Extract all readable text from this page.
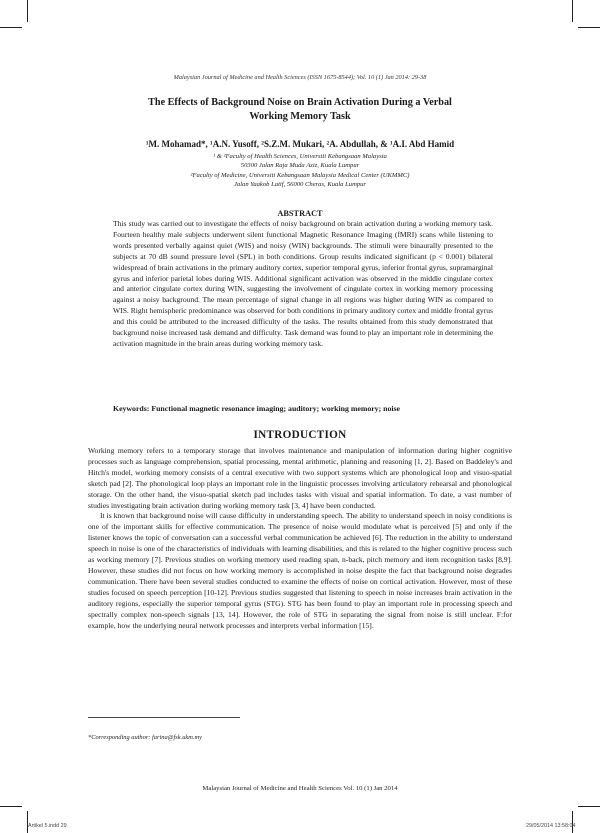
Malaysian Journal of Medicine and Health Sciences (ISSN 1675-8544); Vol. 10 (1) Jan 2014: 29-38
The Effects of Background Noise on Brain Activation During a Verbal
Working Memory Task
¹M. Mohamad*, ¹A.N. Yusoff, ²S.Z.M. Mukari, ²A. Abdullah, & ¹A.I. Abd Hamid
¹ & ²Faculty of Health Sciences, Universiti Kebangsaan Malaysia
50300 Jalan Raja Muda Aziz, Kuala Lumpur
²Faculty of Medicine, Universiti Kebangsaan Malaysia Medical Center (UKMMC)
Jalan Yaakob Latif, 56000 Cheras, Kuala Lumpur
ABSTRACT

This study was carried out to investigate the effects of noisy background on brain activation during a working memory task. Fourteen healthy male subjects underwent silent functional Magnetic Resonance Imaging (fMRI) scans while listening to words presented verbally against quiet (WIS) and noisy (WIN) backgrounds. The stimuli were binaurally presented to the subjects at 70 dB sound pressure level (SPL) in both conditions. Group results indicated significant (p < 0.001) bilateral widespread of brain activations in the primary auditory cortex, superior temporal gyrus, inferior frontal gyrus, supramarginal gyrus and inferior parietal lobes during WIS. Additional significant activation was observed in the middle cingulate cortex and anterior cingulate cortex during WIN, suggesting the involvement of cingulate cortex in working memory processing against a noisy background. The mean percentage of signal change in all regions was higher during WIN as compared to WIS. Right hemispheric predominance was observed for both conditions in primary auditory cortex and middle frontal gyrus and this could be attributed to the increased difficulty of the tasks. The results obtained from this study demonstrated that background noise increased task demand and difficulty. Task demand was found to play an important role in determining the activation magnitude in the brain areas during working memory task.

Keywords: Functional magnetic resonance imaging; auditory; working memory; noise
INTRODUCTION

Working memory refers to a temporary storage that involves maintenance and manipulation of information during higher cognitive processes such as language comprehension, spatial processing, mental arithmetic, planning and reasoning [1, 2]. Based on Baddeley's and Hitch's model, working memory consists of a central executive with two support systems which are phonological loop and visuo-spatial sketch pad [2]. The phonological loop plays an important role in the linguistic processes involving articulatory rehearsal and phonological storage. On the other hand, the visuo-spatial sketch pad includes tasks with visual and spatial information. To date, a vast number of studies investigating brain activation during working memory task [3, 4] have been conducted.

It is known that background noise will cause difficulty in understanding speech. The ability to understand speech in noisy conditions is one of the important skills for effective communication. The presence of noise would modulate what is perceived [5] and only if the listener knows the topic of conversation can a successful verbal communication be achieved [6]. The reduction in the ability to understand speech in noise is one of the characteristics of individuals with learning disabilities, and this is related to the higher cognitive process such as working memory [7]. Previous studies on working memory used reading span, n-back, pitch memory and item recognition tasks [8,9]. However, these studies did not focus on how working memory is accomplished in noise despite the fact that background noise degrades communication. There have been several studies conducted to examine the effects of noise on cortical activation. However, most of these studies focused on speech perception [10-12]. Previous studies suggested that listening to speech in noise increases brain activation in the auditory regions, especially the superior temporal gyrus (STG). STG has been found to play an important role in processing speech and spectrally complex non-speech signals [13, 14]. However, the role of STG in separating the signal from noise is still unclear. F:for example, how the underlying neural network processes and interprets verbal information [15].

*Corresponding author: farina@fsk.ukm.my
Malaysian Journal of Medicine and Health Sciences Vol. 10 (1) Jan 2014
Artikel 5.indd 29	29/05/2014 13:58:04
